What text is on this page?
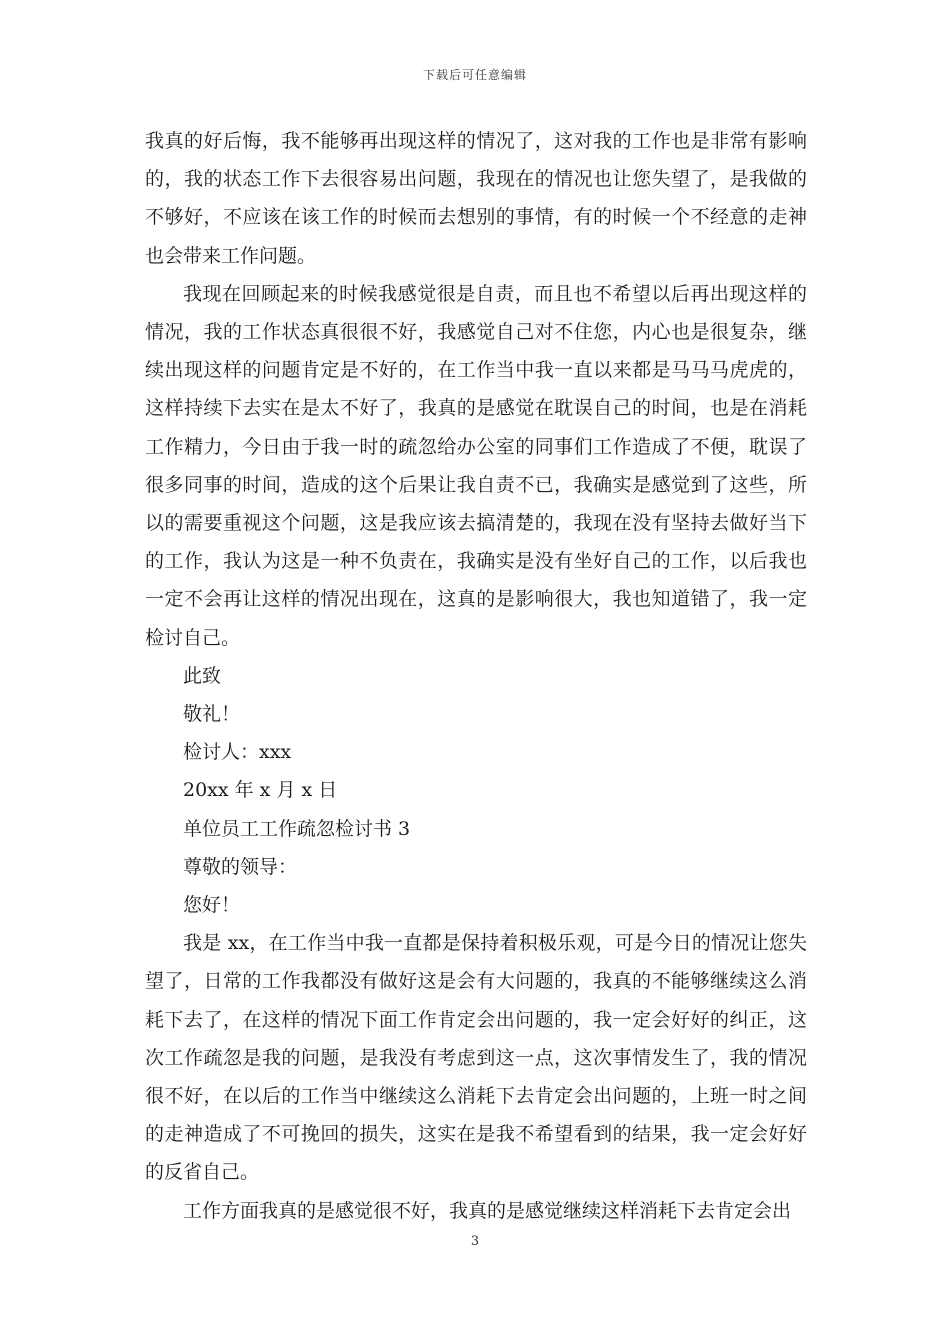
下载后可任意编辑

我真的好后悔，我不能够再出现这样的情况了，这对我的工作也是非常有影响的，我的状态工作下去很容易出问题，我现在的情况也让您失望了，是我做的不够好，不应该在该工作的时候而去想别的事情，有的时候一个不经意的走神也会带来工作问题。

我现在回顾起来的时候我感觉很是自责，而且也不希望以后再出现这样的情况，我的工作状态真很很不好，我感觉自己对不住您，内心也是很复杂，继续出现这样的问题肯定是不好的，在工作当中我一直以来都是马马马虎虎的，这样持续下去实在是太不好了，我真的是感觉在耽误自己的时间，也是在消耗工作精力，今日由于我一时的疏忽给办公室的同事们工作造成了不便，耽误了很多同事的时间，造成的这个后果让我自责不已，我确实是感觉到了这些，所以的需要重视这个问题，这是我应该去搞清楚的，我现在没有坚持去做好当下的工作，我认为这是一种不负责在，我确实是没有坐好自己的工作，以后我也一定不会再让这样的情况出现在，这真的是影响很大，我也知道错了，我一定检讨自己。

此致

敬礼！

检讨人：xxx

20xx 年 x 月 x 日

单位员工工作疏忽检讨书 3

尊敬的领导：

您好！

我是 xx，在工作当中我一直都是保持着积极乐观，可是今日的情况让您失望了，日常的工作我都没有做好这是会有大问题的，我真的不能够继续这么消耗下去了，在这样的情况下面工作肯定会出问题的，我一定会好好的纠正，这次工作疏忽是我的问题，是我没有考虑到这一点，这次事情发生了，我的情况很不好，在以后的工作当中继续这么消耗下去肯定会出问题的，上班一时之间的走神造成了不可挽回的损失，这实在是我不希望看到的结果，我一定会好好的反省自己。

工作方面我真的是感觉很不好，我真的是感觉继续这样消耗下去肯定会出

3
